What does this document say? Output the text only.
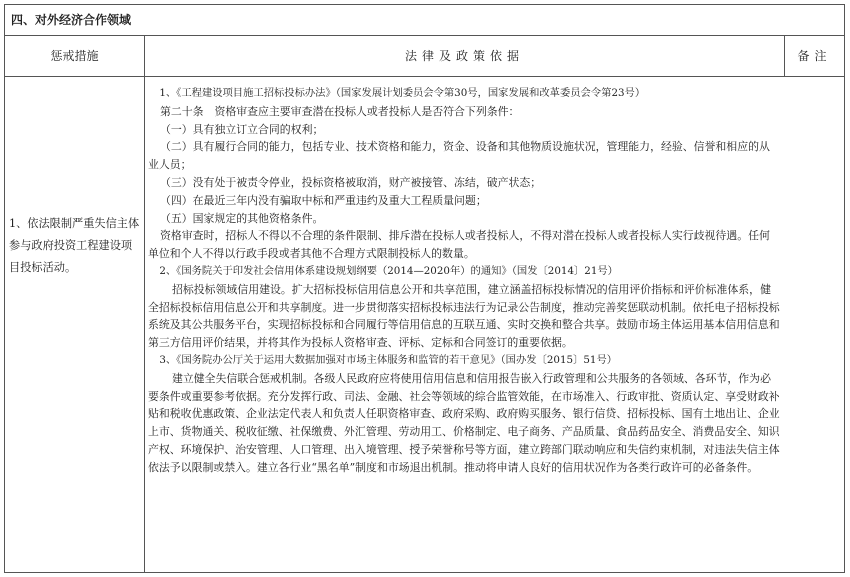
四、对外经济合作领域
惩戒措施	法律及政策依据	备注
1、依法限制严重失信主体参与政府投资工程建设项目投标活动。

1、《工程建设项目施工招标投标办法》（国家发展计划委员会令第30号，国家发展和改革委员会令第23号）

第二十条　资格审查应主要审查潜在投标人或者投标人是否符合下列条件：

（一）具有独立订立合同的权利；

（二）具有履行合同的能力，包括专业、技术资格和能力，资金、设备和其他物质设施状况，管理能力，经验、信誉和相应的从业人员；

（三）没有处于被责令停业，投标资格被取消，财产被接管、冻结，破产状态；

（四）在最近三年内没有骗取中标和严重违约及重大工程质量问题；

（五）国家规定的其他资格条件。

资格审查时，招标人不得以不合理的条件限制、排斥潜在投标人或者投标人，不得对潜在投标人或者投标人实行歧视待遇。任何单位和个人不得以行政手段或者其他不合理方式限制投标人的数量。

2、《国务院关于印发社会信用体系建设规划纲要（2014—2020年）的通知》（国发〔2014〕21号）

招标投标领域信用建设。扩大招标投标信用信息公开和共享范围，建立涵盖招标投标情况的信用评价指标和评价标准体系，健全招标投标信用信息公开和共享制度。进一步贯彻落实招标投标违法行为记录公告制度，推动完善奖惩联动机制。依托电子招标投标系统及其公共服务平台，实现招标投标和合同履行等信用信息的互联互通、实时交换和整合共享。鼓励市场主体运用基本信用信息和第三方信用评价结果，并将其作为投标人资格审查、评标、定标和合同签订的重要依据。

3、《国务院办公厅关于运用大数据加强对市场主体服务和监管的若干意见》（国办发〔2015〕51号）

建立健全失信联合惩戒机制。各级人民政府应将使用信用信息和信用报告嵌入行政管理和公共服务的各领域、各环节，作为必要条件或重要参考依据。充分发挥行政、司法、金融、社会等领域的综合监管效能，在市场准入、行政审批、资质认定、享受财政补贴和税收优惠政策、企业法定代表人和负责人任职资格审查、政府采购、政府购买服务、银行信贷、招标投标、国有土地出让、企业上市、货物通关、税收征缴、社保缴费、外汇管理、劳动用工、价格制定、电子商务、产品质量、食品药品安全、消费品安全、知识产权、环境保护、治安管理、人口管理、出入境管理、授予荣誉称号等方面，建立跨部门联动响应和失信约束机制，对违法失信主体依法予以限制或禁入。建立各行业“黑名单”制度和市场退出机制。推动将申请人良好的信用状况作为各类行政许可的必备条件。
